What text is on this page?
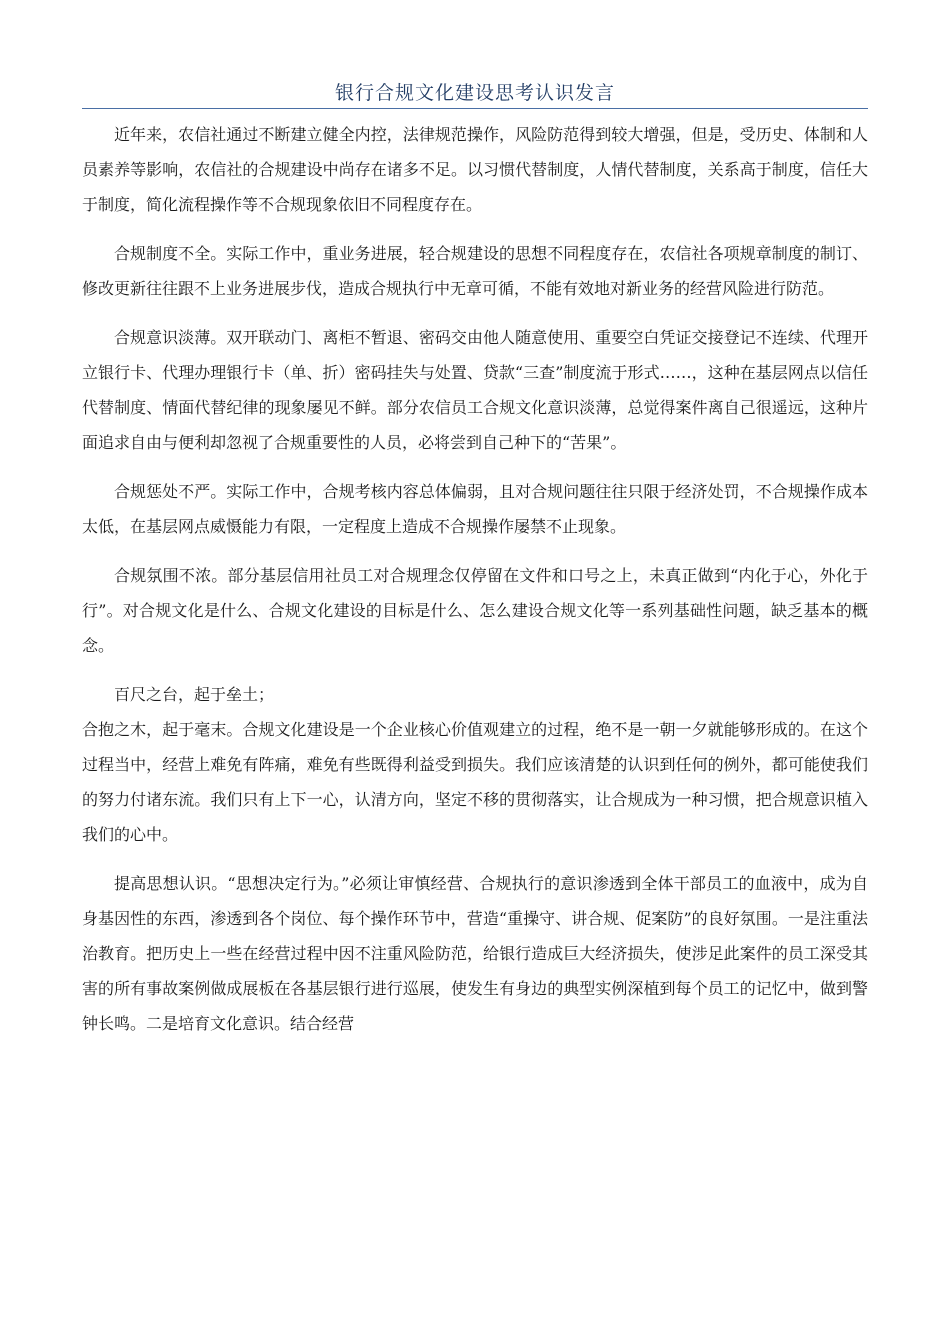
银行合规文化建设思考认识发言

近年来，农信社通过不断建立健全内控，法律规范操作，风险防范得到较大增强，但是，受历史、体制和人员素养等影响，农信社的合规建设中尚存在诸多不足。以习惯代替制度，人情代替制度，关系高于制度，信任大于制度，简化流程操作等不合规现象依旧不同程度存在。

合规制度不全。实际工作中，重业务进展，轻合规建设的思想不同程度存在，农信社各项规章制度的制订、修改更新往往跟不上业务进展步伐，造成合规执行中无章可循，不能有效地对新业务的经营风险进行防范。

合规意识淡薄。双开联动门、离柜不暂退、密码交由他人随意使用、重要空白凭证交接登记不连续、代理开立银行卡、代理办理银行卡（单、折）密码挂失与处置、贷款“三查”制度流于形式……，这种在基层网点以信任代替制度、情面代替纪律的现象屡见不鲜。部分农信员工合规文化意识淡薄，总觉得案件离自己很遥远，这种片面追求自由与便利却忽视了合规重要性的人员，必将尝到自己种下的“苦果”。

合规惩处不严。实际工作中，合规考核内容总体偏弱，且对合规问题往往只限于经济处罚，不合规操作成本太低，在基层网点威慑能力有限，一定程度上造成不合规操作屡禁不止现象。

合规氛围不浓。部分基层信用社员工对合规理念仅停留在文件和口号之上，未真正做到“内化于心，外化于行”。对合规文化是什么、合规文化建设的目标是什么、怎么建设合规文化等一系列基础性问题，缺乏基本的概念。

百尺之台，起于垒土；

合抱之木，起于毫末。合规文化建设是一个企业核心价值观建立的过程，绝不是一朝一夕就能够形成的。在这个过程当中，经营上难免有阵痛，难免有些既得利益受到损失。我们应该清楚的认识到任何的例外，都可能使我们的努力付诸东流。我们只有上下一心，认清方向，坚定不移的贯彻落实，让合规成为一种习惯，把合规意识植入我们的心中。

提高思想认识。“思想决定行为。”必须让审慎经营、合规执行的意识渗透到全体干部员工的血液中，成为自身基因性的东西，渗透到各个岗位、每个操作环节中，营造“重操守、讲合规、促案防”的良好氛围。一是注重法治教育。把历史上一些在经营过程中因不注重风险防范，给银行造成巨大经济损失，使涉足此案件的员工深受其害的所有事故案例做成展板在各基层银行进行巡展，使发生有身边的典型实例深植到每个员工的记忆中，做到警钟长鸣。二是培育文化意识。结合经营
